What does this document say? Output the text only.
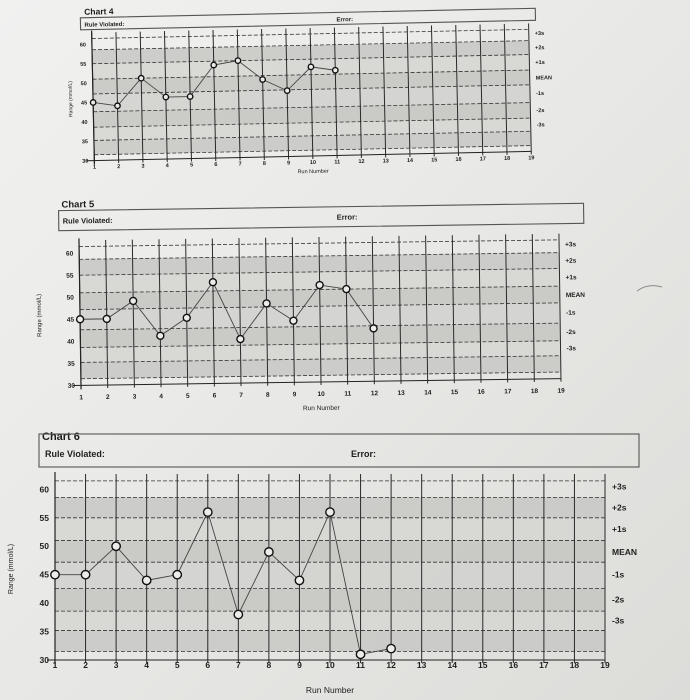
Chart 4
Rule Violated:
Error:
30
35
40
45
50
55
60
1	2	3	4	5	6	7	8	9	10	11	12	13	14	15	16	17	18	19
Run Number
Range (mmol/L)
+3s
+2s
+1s
MEAN
-1s
-2s
-3s
Chart 5
Rule Violated:	Error:
30
35
40
45
50
55
60
1	2	3	4	5	6	7	8	9	10	11	12	13	14	15	16	17	18	19
Run Number
Range (mmol/L)
+3s
+2s
+1s
MEAN
-1s
-2s
-3s
Chart 6
Rule Violated:	Error:
30
35
40
45
50
55
60
1	2	3	4	5	6	7	8	9	10	11	12 13 14 15 16 17 18 19
Run Number
Range (mmol/L)
+3s
+2s
+1s
MEAN
-1s
-2s
-3s
